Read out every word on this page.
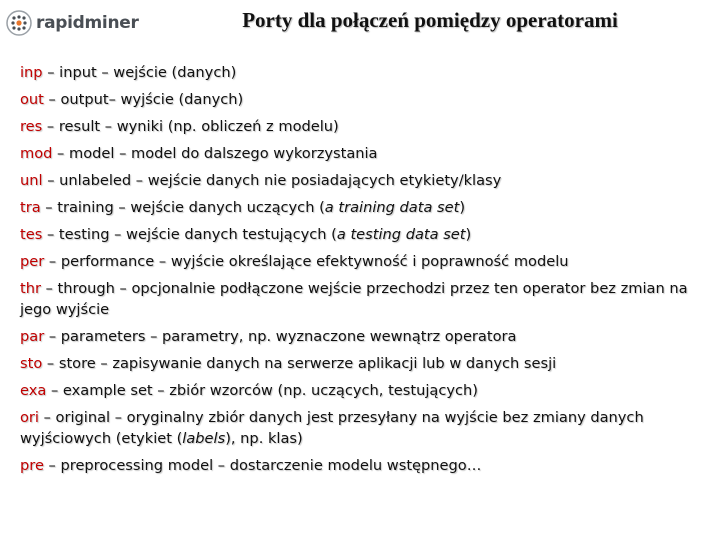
rapidminer	Porty dla połączeń pomiędzy operatorami
inp – input – wejście (danych)
out – output– wyjście (danych)
res – result – wyniki (np. obliczeń z modelu)
mod – model – model do dalszego wykorzystania
unl – unlabeled – wejście danych nie posiadających etykiety/klasy
tra – training – wejście danych uczących (a training data set)
tes – testing – wejście danych testujących (a testing data set)
per – performance – wyjście określające efektywność i poprawność modelu
thr – through – opcjonalnie podłączone wejście przechodzi przez ten operator bez zmian na jego wyjście
par – parameters – parametry, np. wyznaczone wewnątrz operatora
sto – store – zapisywanie danych na serwerze aplikacji lub w danych sesji
exa – example set – zbiór wzorców (np. uczących, testujących)
ori – original – oryginalny zbiór danych jest przesyłany na wyjście bez zmiany danych wyjściowych (etykiet (labels), np. klas)
pre – preprocessing model – dostarczenie modelu wstępnego…
